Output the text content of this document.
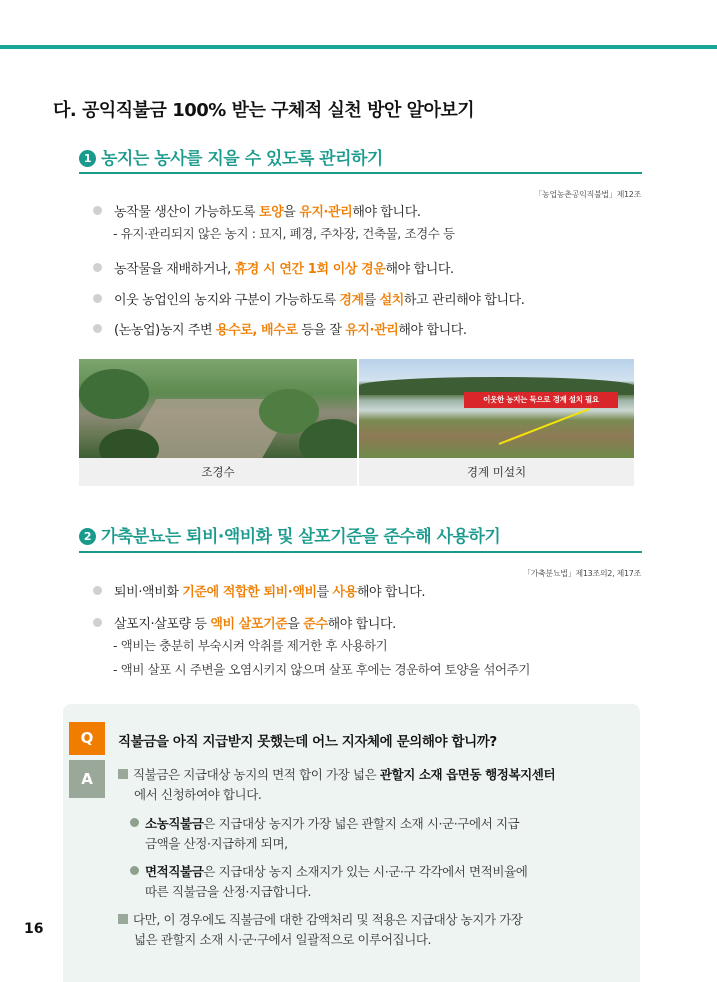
다. 공익직불금 100% 받는 구체적 실천 방안 알아보기
1 농지는 농사를 지을 수 있도록 관리하기
「농업농촌공익직불법」제12조
농작물 생산이 가능하도록 토양을 유지·관리해야 합니다.
- 유지·관리되지 않은 농지 : 묘지, 폐경, 주차장, 건축물, 조경수 등
농작물을 재배하거나, 휴경 시 연간 1회 이상 경운해야 합니다.
이웃 농업인의 농지와 구분이 가능하도록 경계를 설치하고 관리해야 합니다.
(논농업)농지 주변 용수로, 배수로 등을 잘 유지·관리해야 합니다.
이웃한 농지는 둑으로 경계 설치 필요
조경수	경계 미설치
2 가축분뇨는 퇴비·액비화 및 살포기준을 준수해 사용하기
「가축분뇨법」제13조의2, 제17조
퇴비·액비화 기준에 적합한 퇴비·액비를 사용해야 합니다.
살포지·살포량 등 액비 살포기준을 준수해야 합니다.
- 액비는 충분히 부숙시켜 악취를 제거한 후 사용하기
- 액비 살포 시 주변을 오염시키지 않으며 살포 후에는 경운하여 토양을 섞어주기
Q
A
직불금을 아직 지급받지 못했는데 어느 지자체에 문의해야 합니까?
직불금은 지급대상 농지의 면적 합이 가장 넓은 관할지 소재 읍면동 행정복지센터
에서 신청하여야 합니다.
소농직불금은 지급대상 농지가 가장 넓은 관할지 소재 시·군·구에서 지급
금액을 산정·지급하게 되며,
면적직불금은 지급대상 농지 소재지가 있는 시·군·구 각각에서 면적비율에
따른 직불금을 산정·지급합니다.
다만, 이 경우에도 직불금에 대한 감액처리 및 적용은 지급대상 농지가 가장
넓은 관할지 소재 시·군·구에서 일괄적으로 이루어집니다.
16
